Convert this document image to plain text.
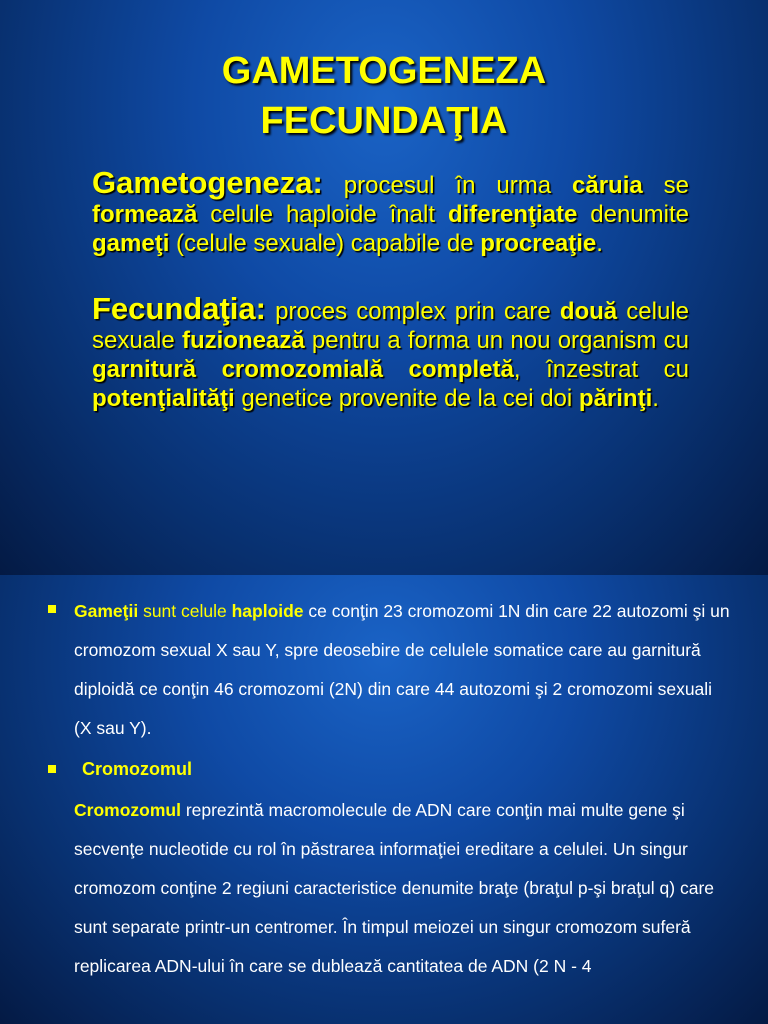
GAMETOGENEZA
FECUNDAŢIA
Gametogeneza: procesul în urma căruia se formează celule haploide înalt diferenţiate denumite gameţi (celule sexuale) capabile de procreaţie.
Fecundaţia: proces complex prin care două celule sexuale fuzionează pentru a forma un nou organism cu garnitură cromozomială completă, înzestrat cu potenţialităţi genetice provenite de la cei doi părinţi.
Gameţii sunt celule haploide ce conţin 23 cromozomi 1N din care 22 autozomi şi un cromozom sexual X sau Y, spre deosebire de celulele somatice care au garnitură diploidă ce conţin 46 cromozomi (2N) din care 44 autozomi şi 2 cromozomi sexuali (X sau Y).
Cromozomul
Cromozomul reprezintă macromolecule de ADN care conţin mai multe gene şi secvenţe nucleotide cu rol în păstrarea informaţiei ereditare a celulei. Un singur cromozom conţine 2 regiuni caracteristice denumite braţe (braţul p-şi braţul q) care sunt separate printr-un centromer. În timpul meiozei un singur cromozom suferă replicarea ADN-ului în care se dublează cantitatea de ADN (2 N - 4
